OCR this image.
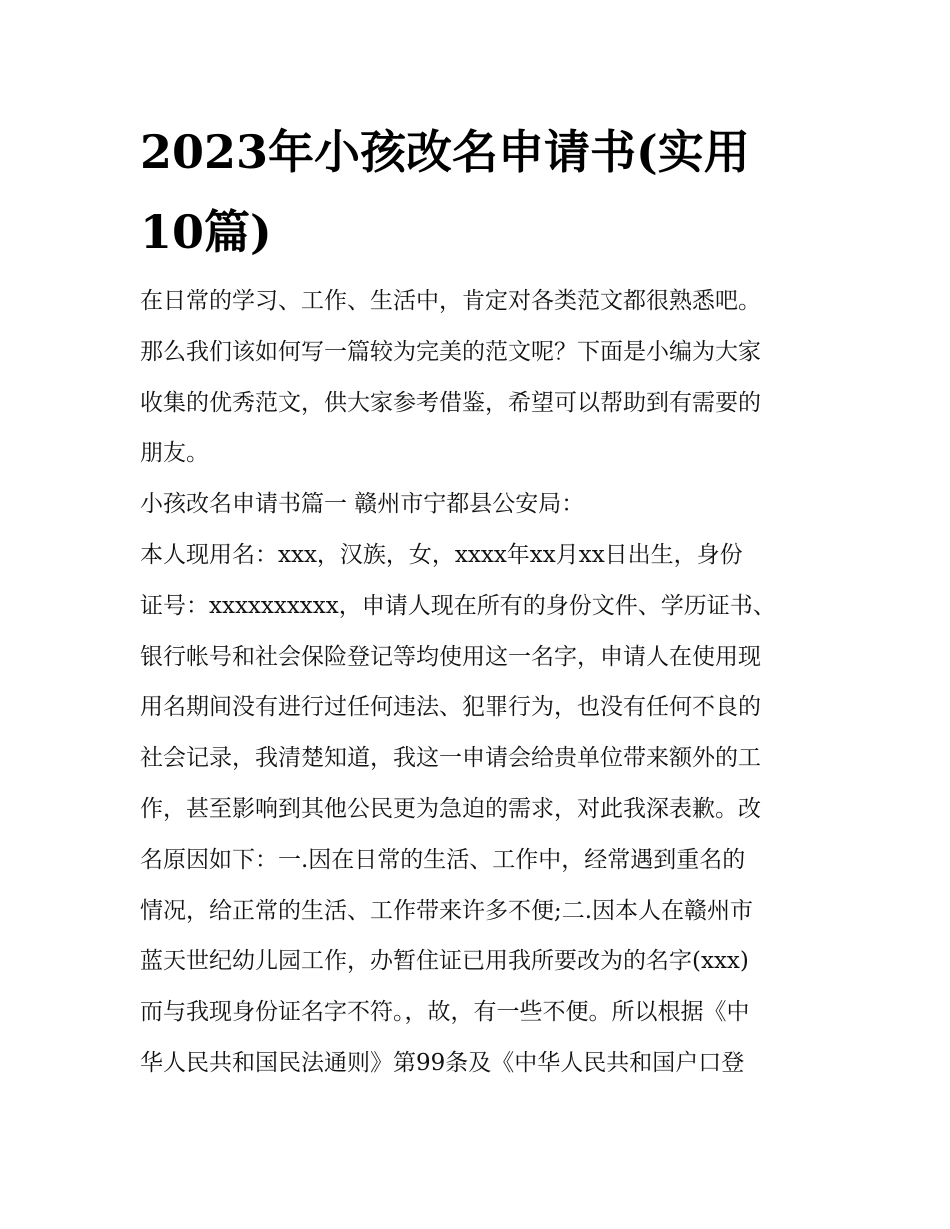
2023年小孩改名申请书(实用
10篇)
在日常的学习、工作、生活中，肯定对各类范文都很熟悉吧。
那么我们该如何写一篇较为完美的范文呢？下面是小编为大家
收集的优秀范文，供大家参考借鉴，希望可以帮助到有需要的
朋友。
小孩改名申请书篇一 赣州市宁都县公安局：
本人现用名：xxx，汉族，女，xxxx年xx月xx日出生，身份
证号：xxxxxxxxxx，申请人现在所有的身份文件、学历证书、
银行帐号和社会保险登记等均使用这一名字，申请人在使用现
用名期间没有进行过任何违法、犯罪行为，也没有任何不良的
社会记录，我清楚知道，我这一申请会给贵单位带来额外的工
作，甚至影响到其他公民更为急迫的需求，对此我深表歉。改
名原因如下：一.因在日常的生活、工作中，经常遇到重名的
情况，给正常的生活、工作带来许多不便;二.因本人在赣州市
蓝天世纪幼儿园工作，办暂住证已用我所要改为的名字(xxx)
而与我现身份证名字不符。，故，有一些不便。所以根据《中
华人民共和国民法通则》第99条及《中华人民共和国户口登
